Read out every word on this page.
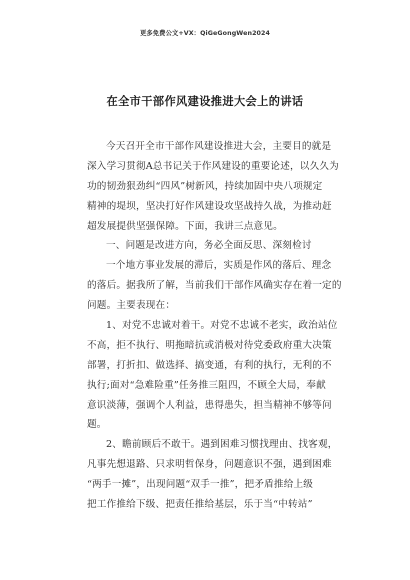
更多免费公文+VX：QiGeGongWen2024
在全市干部作风建设推进大会上的讲话
今天召开全市干部作风建设推进大会，主要目的就是
深入学习贯彻A总书记关于作风建设的重要论述，以久久为
功的韧劲狠劲纠“四风”树新风，持续加固中央八项规定
精神的堤坝，坚决打好作风建设攻坚战持久战，为推动赶
超发展提供坚强保障。下面，我讲三点意见。
一、问题是改进方向，务必全面反思、深刻检讨
一个地方事业发展的滞后，实质是作风的落后、理念
的落后。据我所了解，当前我们干部作风确实存在着一定的
问题。主要表现在：
1、对党不忠诚对着干。对党不忠诚不老实，政治站位
不高，拒不执行、明拖暗抗或消极对待党委政府重大决策
部署，打折扣、做选择、搞变通，有利的执行，无利的不
执行;面对“急难险重”任务推三阻四，不顾全大局，奉献
意识淡薄，强调个人利益，患得患失，担当精神不够等问
题。
2、瞻前顾后不敢干。遇到困难习惯找理由、找客观，
凡事先想退路、只求明哲保身，问题意识不强，遇到困难
“两手一摊”，出现问题“双手一推”，把矛盾推给上级
把工作推给下级、把责任推给基层，乐于当“中转站”
